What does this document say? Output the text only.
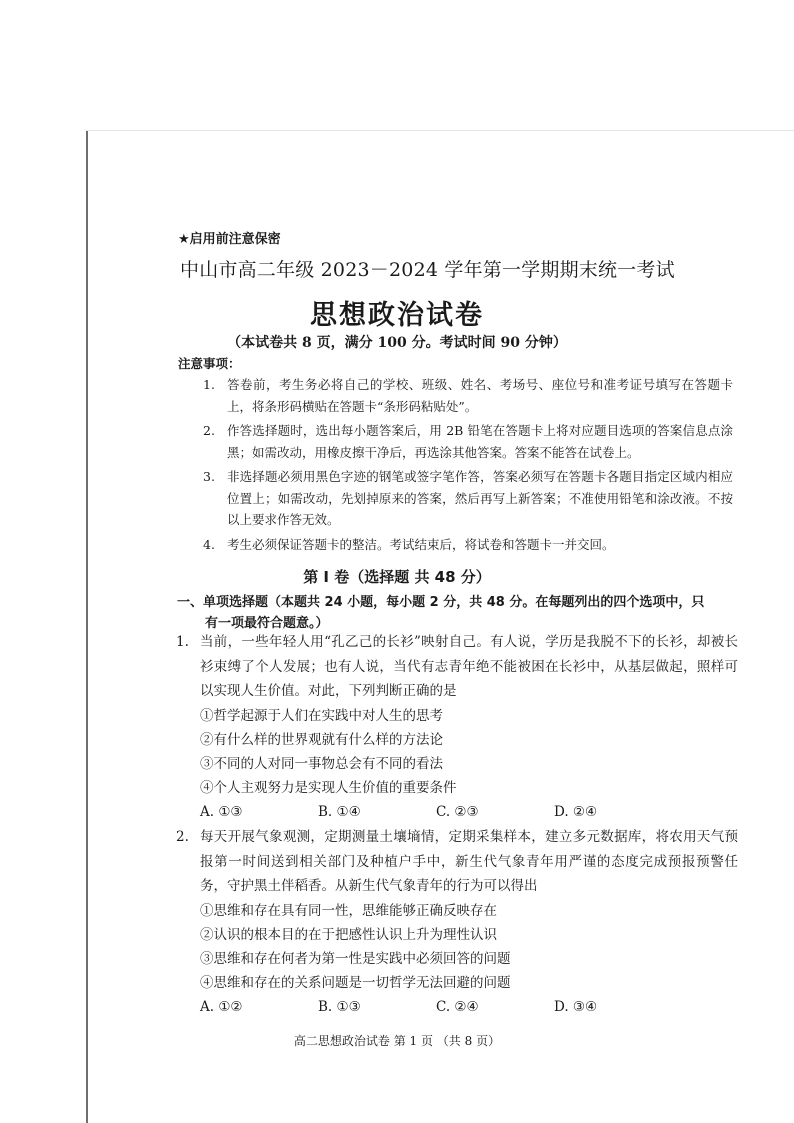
★启用前注意保密
中山市高二年级 2023－2024 学年第一学期期末统一考试
思想政治试卷
（本试卷共 8 页，满分 100 分。考试时间 90 分钟）
注意事项：
1. 答卷前，考生务必将自己的学校、班级、姓名、考场号、座位号和准考证号填写在答题卡上，将条形码横贴在答题卡“条形码粘贴处”。
2. 作答选择题时，选出每小题答案后，用 2B 铅笔在答题卡上将对应题目选项的答案信息点涂黑；如需改动，用橡皮擦干净后，再选涂其他答案。答案不能答在试卷上。
3. 非选择题必须用黑色字迹的钢笔或签字笔作答，答案必须写在答题卡各题目指定区域内相应位置上；如需改动，先划掉原来的答案，然后再写上新答案；不准使用铅笔和涂改液。不按以上要求作答无效。
4. 考生必须保证答题卡的整洁。考试结束后，将试卷和答题卡一并交回。
第 I 卷（选择题 共 48 分）
一、单项选择题（本题共 24 小题，每小题 2 分，共 48 分。在每题列出的四个选项中，只
有一项最符合题意。）
1. 当前，一些年轻人用“孔乙己的长衫”映射自己。有人说，学历是我脱不下的长衫，却被长衫束缚了个人发展；也有人说，当代有志青年绝不能被困在长衫中，从基层做起，照样可以实现人生价值。对此，下列判断正确的是
①哲学起源于人们在实践中对人生的思考
②有什么样的世界观就有什么样的方法论
③不同的人对同一事物总会有不同的看法
④个人主观努力是实现人生价值的重要条件
A. ①③	B. ①④	C. ②③	D. ②④
2. 每天开展气象观测，定期测量土壤墒情，定期采集样本，建立多元数据库，将农用天气预报第一时间送到相关部门及种植户手中，新生代气象青年用严谨的态度完成预报预警任务，守护黑土伴稻香。从新生代气象青年的行为可以得出
①思维和存在具有同一性，思维能够正确反映存在
②认识的根本目的在于把感性认识上升为理性认识
③思维和存在何者为第一性是实践中必须回答的问题
④思维和存在的关系问题是一切哲学无法回避的问题
A. ①②	B. ①③	C. ②④	D. ③④
高二思想政治试卷 第 1 页 （共 8 页）
